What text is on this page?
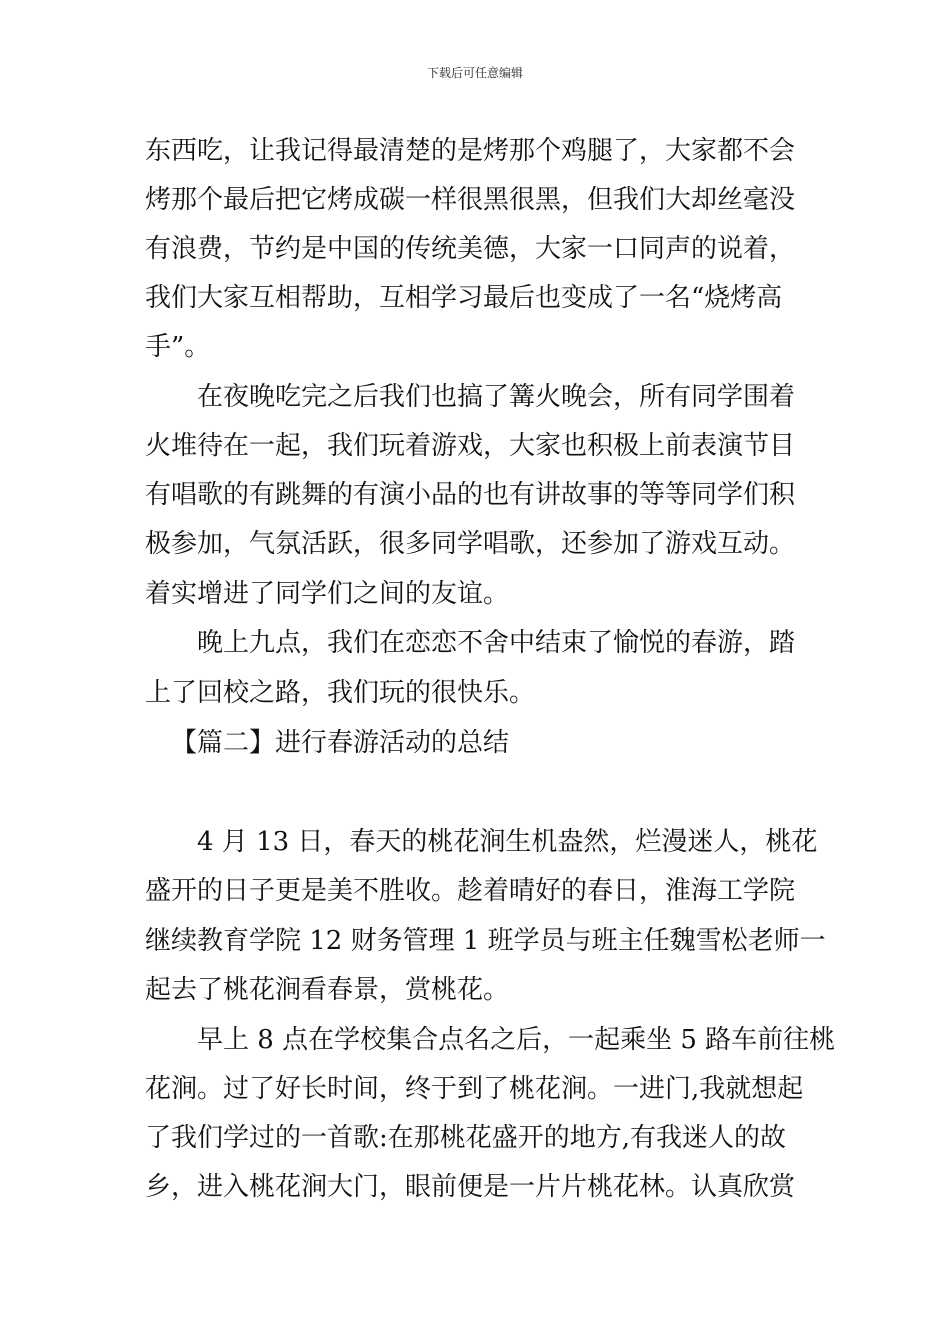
下载后可任意编辑
东西吃，让我记得最清楚的是烤那个鸡腿了，大家都不会
烤那个最后把它烤成碳一样很黑很黑，但我们大却丝毫没
有浪费，节约是中国的传统美德，大家一口同声的说着，
我们大家互相帮助，互相学习最后也变成了一名“烧烤高
手”。
在夜晚吃完之后我们也搞了篝火晚会，所有同学围着
火堆待在一起，我们玩着游戏，大家也积极上前表演节目
有唱歌的有跳舞的有演小品的也有讲故事的等等同学们积
极参加，气氛活跃，很多同学唱歌，还参加了游戏互动。
着实增进了同学们之间的友谊。
晚上九点，我们在恋恋不舍中结束了愉悦的春游，踏
上了回校之路，我们玩的很快乐。
【篇二】进行春游活动的总结
4 月 13 日，春天的桃花涧生机盎然，烂漫迷人，桃花
盛开的日子更是美不胜收。趁着晴好的春日，淮海工学院
继续教育学院 12 财务管理 1 班学员与班主任魏雪松老师一
起去了桃花涧看春景，赏桃花。
早上 8 点在学校集合点名之后，一起乘坐 5 路车前往桃
花涧。过了好长时间，终于到了桃花涧。一进门,我就想起
了我们学过的一首歌:在那桃花盛开的地方,有我迷人的故
乡，进入桃花涧大门，眼前便是一片片桃花林。认真欣赏
